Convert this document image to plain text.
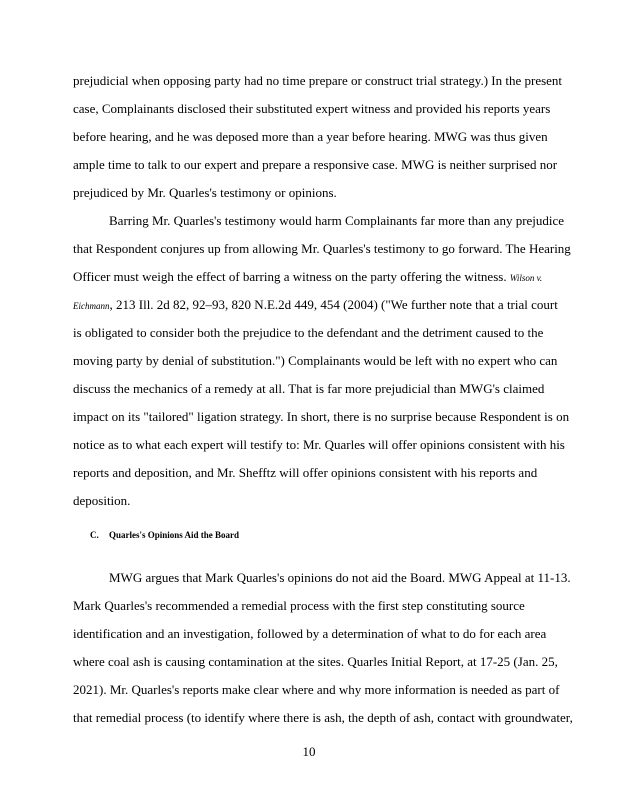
prejudicial when opposing party had no time prepare or construct trial strategy.) In the present
case, Complainants disclosed their substituted expert witness and provided his reports years
before hearing, and he was deposed more than a year before hearing. MWG was thus given
ample time to talk to our expert and prepare a responsive case. MWG is neither surprised nor
prejudiced by Mr. Quarles's testimony or opinions.
Barring Mr. Quarles's testimony would harm Complainants far more than any prejudice
that Respondent conjures up from allowing Mr. Quarles's testimony to go forward. The Hearing
Officer must weigh the effect of barring a witness on the party offering the witness. Wilson v.
Eichmann, 213 Ill. 2d 82, 92–93, 820 N.E.2d 449, 454 (2004) ("We further note that a trial court
is obligated to consider both the prejudice to the defendant and the detriment caused to the
moving party by denial of substitution.") Complainants would be left with no expert who can
discuss the mechanics of a remedy at all. That is far more prejudicial than MWG's claimed
impact on its "tailored" ligation strategy. In short, there is no surprise because Respondent is on
notice as to what each expert will testify to: Mr. Quarles will offer opinions consistent with his
reports and deposition, and Mr. Shefftz will offer opinions consistent with his reports and
deposition.
C. Quarles's Opinions Aid the Board
MWG argues that Mark Quarles's opinions do not aid the Board. MWG Appeal at 11-13.
Mark Quarles's recommended a remedial process with the first step constituting source
identification and an investigation, followed by a determination of what to do for each area
where coal ash is causing contamination at the sites. Quarles Initial Report, at 17-25 (Jan. 25,
2021). Mr. Quarles's reports make clear where and why more information is needed as part of
that remedial process (to identify where there is ash, the depth of ash, contact with groundwater,
10
